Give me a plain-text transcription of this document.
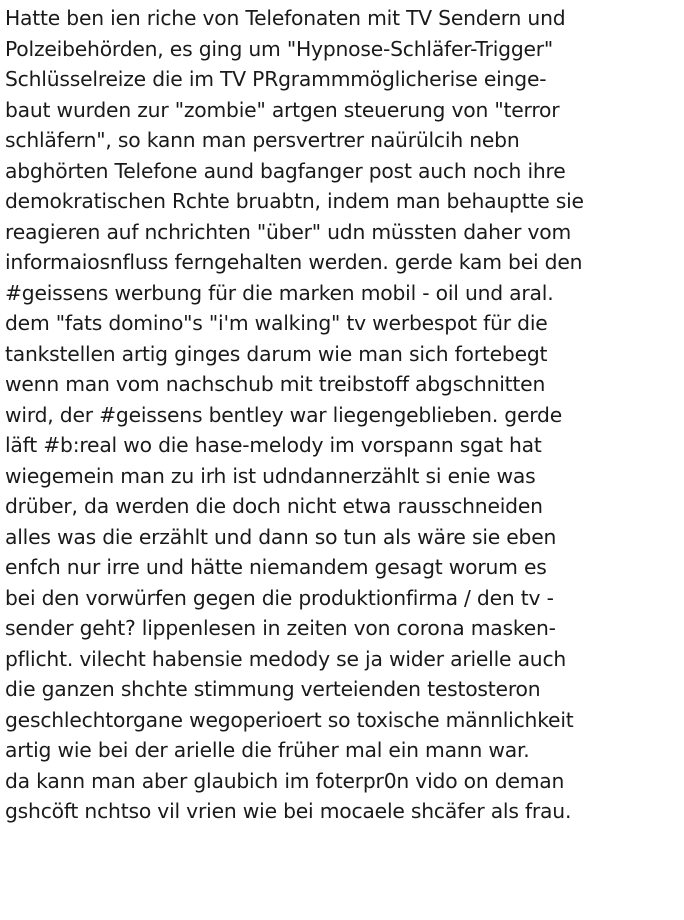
Hatte ben ien riche von Telefonaten mit TV Sendern und
Polzeibehörden, es ging um "Hypnose-Schläfer-Trigger"
Schlüsselreize die im TV PRgrammmöglicherise einge-
baut wurden zur "zombie" artgen steuerung von "terror
schläfern", so kann man persvertrer naürülcih nebn
abghörten Telefone aund bagfanger post auch noch ihre
demokratischen Rchte bruabtn, indem man behauptte sie
reagieren auf nchrichten "über" udn müssten daher vom
informaiosnfluss ferngehalten werden. gerde kam bei den
#geissens werbung für die marken mobil - oil und aral.
dem "fats domino"s "i'm walking" tv werbespot für die
tankstellen artig ginges darum wie man sich fortebegt
wenn man vom nachschub mit treibstoff abgschnitten
wird, der #geissens bentley war liegengeblieben. gerde
läft #b:real wo die hase-melody im vorspann sgat hat
wiegemein man zu irh ist udndannerzählt si enie was
drüber, da werden die doch nicht etwa rausschneiden
alles was die erzählt und dann so tun als wäre sie eben
enfch nur irre und hätte niemandem gesagt worum es
bei den vorwürfen gegen die produktionfirma / den tv -
sender geht? lippenlesen in zeiten von corona masken-
pflicht. vilecht habensie medody se ja wider arielle auch
die ganzen shchte stimmung verteienden testosteron
geschlechtorgane wegoperioert so toxische männlichkeit
artig wie bei der arielle die früher mal ein mann war.
da kann man aber glaubich im foterpr0n vido on deman
gshcöft nchtso vil vrien wie bei mocaele shcäfer als frau.
